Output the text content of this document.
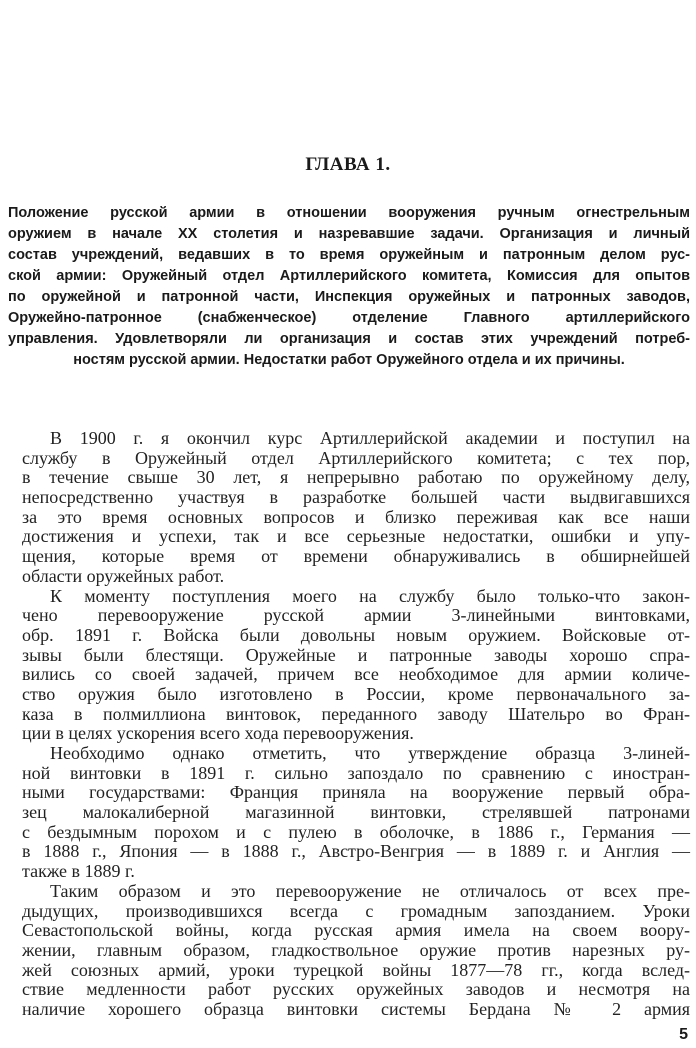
ГЛАВА 1.
Положение русской армии в отношении вооружения ручным огнестрельным
оружием в начале XX столетия и назревавшие задачи. Организация и личный
состав учреждений, ведавших в то время оружейным и патронным делом рус-
ской армии: Оружейный отдел Артиллерийского комитета, Комиссия для опытов
по оружейной и патронной части, Инспекция оружейных и патронных заводов,
Оружейно-патронное (снабженческое) отделение Главного артиллерийского
управления. Удовлетворяли ли организация и состав этих учреждений потреб-
ностям русской армии. Недостатки работ Оружейного отдела и их причины.
В 1900 г. я окончил курс Артиллерийской академии и поступил на
службу в Оружейный отдел Артиллерийского комитета; с тех пор,
в течение свыше 30 лет, я непрерывно работаю по оружейному делу,
непосредственно участвуя в разработке большей части выдвигавшихся
за это время основных вопросов и близко переживая как все наши
достижения и успехи, так и все серьезные недостатки, ошибки и упу-
щения, которые время от времени обнаруживались в обширнейшей
области оружейных работ.
К моменту поступления моего на службу было только-что закон-
чено перевооружение русской армии 3-линейными винтовками,
обр. 1891 г. Войска были довольны новым оружием. Войсковые от-
зывы были блестящи. Оружейные и патронные заводы хорошо спра-
вились со своей задачей, причем все необходимое для армии количе-
ство оружия было изготовлено в России, кроме первоначального за-
каза в полмиллиона винтовок, переданного заводу Шательро во Фран-
ции в целях ускорения всего хода перевооружения.
Необходимо однако отметить, что утверждение образца 3-линей-
ной винтовки в 1891 г. сильно запоздало по сравнению с иностран-
ными государствами: Франция приняла на вооружение первый обра-
зец малокалиберной магазинной винтовки, стрелявшей патронами
с бездымным порохом и с пулею в оболочке, в 1886 г., Германия —
в 1888 г., Япония — в 1888 г., Австро-Венгрия — в 1889 г. и Англия —
также в 1889 г.
Таким образом и это перевооружение не отличалось от всех пре-
дыдущих, производившихся всегда с громадным запозданием. Уроки
Севастопольской войны, когда русская армия имела на своем воору-
жении, главным образом, гладкоствольное оружие против нарезных ру-
жей союзных армий, уроки турецкой войны 1877—78 гг., когда вслед-
ствие медленности работ русских оружейных заводов и несмотря на
наличие хорошего образца винтовки системы Бердана № 2 армия
5
